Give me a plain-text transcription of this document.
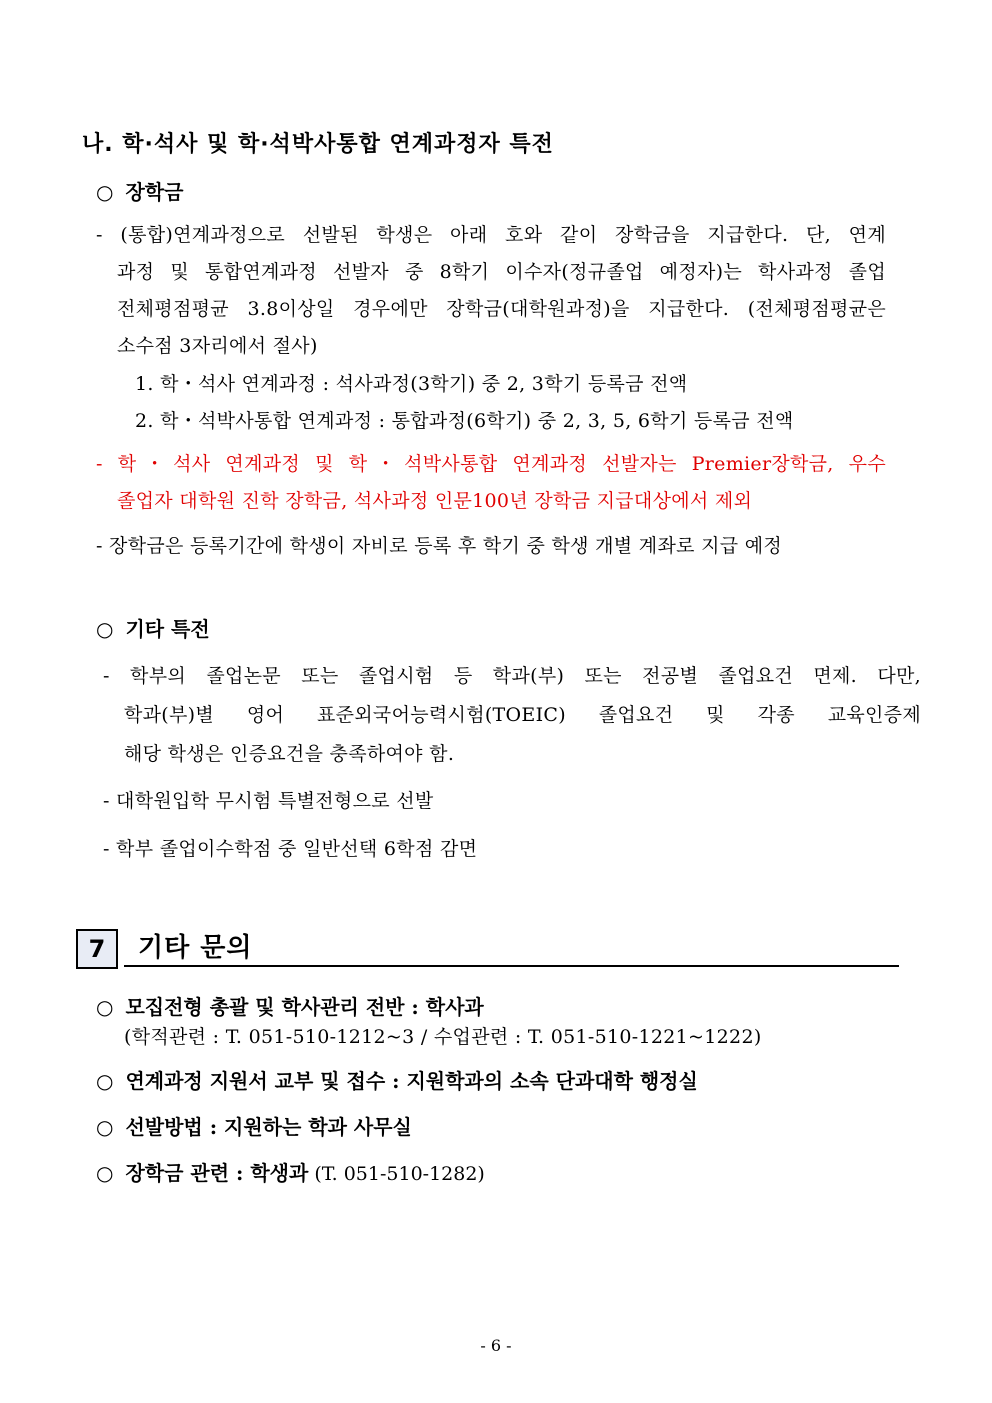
나. 학·석사 및 학·석박사통합 연계과정자 특전
○ 장학금
- (통합)연계과정으로 선발된 학생은 아래 호와 같이 장학금을 지급한다. 단, 연계
과정 및 통합연계과정 선발자 중 8학기 이수자(정규졸업 예정자)는 학사과정 졸업
전체평점평균 3.8이상일 경우에만 장학금(대학원과정)을 지급한다. (전체평점평균은
소수점 3자리에서 절사)
1. 학・석사 연계과정 : 석사과정(3학기) 중 2, 3학기 등록금 전액
2. 학・석박사통합 연계과정 : 통합과정(6학기) 중 2, 3, 5, 6학기 등록금 전액
- 학・석사 연계과정 및 학・석박사통합 연계과정 선발자는 Premier장학금, 우수
졸업자 대학원 진학 장학금, 석사과정 인문100년 장학금 지급대상에서 제외
- 장학금은 등록기간에 학생이 자비로 등록 후 학기 중 학생 개별 계좌로 지급 예정
○ 기타 특전
- 학부의 졸업논문 또는 졸업시험 등 학과(부) 또는 전공별 졸업요건 면제. 다만,
학과(부)별 영어 표준외국어능력시험(TOEIC) 졸업요건 및 각종 교육인증제
해당 학생은 인증요건을 충족하여야 함.
- 대학원입학 무시험 특별전형으로 선발
- 학부 졸업이수학점 중 일반선택 6학점 감면
7	기타 문의
○ 모집전형 총괄 및 학사관리 전반 : 학사과
(학적관련 : T. 051-510-1212~3 / 수업관련 : T. 051-510-1221~1222)
○ 연계과정 지원서 교부 및 접수 : 지원학과의 소속 단과대학 행정실
○ 선발방법 : 지원하는 학과 사무실
○ 장학금 관련 : 학생과 (T. 051-510-1282)
- 6 -
